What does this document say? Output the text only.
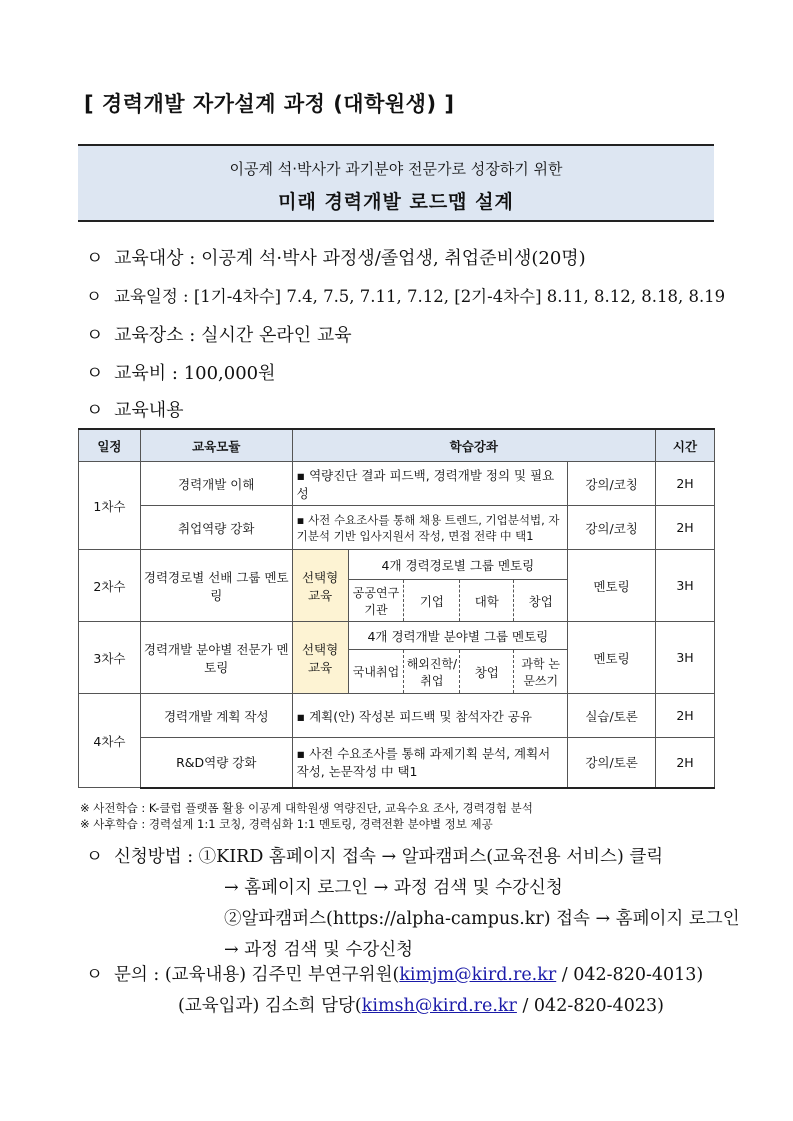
[ 경력개발 자가설계 과정 (대학원생) ]
이공계 석·박사가 과기분야 전문가로 성장하기 위한
미래 경력개발 로드맵 설계
ㅇ 교육대상 : 이공계 석·박사 과정생/졸업생, 취업준비생(20명)
ㅇ 교육일정 : [1기-4차수] 7.4, 7.5, 7.11, 7.12, [2기-4차수] 8.11, 8.12, 8.18, 8.19
ㅇ 교육장소 : 실시간 온라인 교육
ㅇ 교육비 : 100,000원
ㅇ 교육내용
일정	교육모듈	학습강좌						시간
1차수	경력개발 이해	▪ 역량진단 결과 피드백, 경력개발 정의 및 필요성					강의/코칭	2H
	취업역량 강화	▪ 사전 수요조사를 통해 채용 트렌드, 기업분석법, 자기분석 기반 입사지원서 작성, 면접 전략 中 택1					강의/코칭	2H
2차수	경력경로별 선배 그룹 멘토링	선택형 교육	4개 경력경로별 그룹 멘토링				멘토링	3H
			공공연구기관	기업	대학	창업		
3차수	경력개발 분야별 전문가 멘토링	선택형 교육	4개 경력개발 분야별 그룹 멘토링				멘토링	3H
			국내취업	해외진학/취업	창업	과학 논문쓰기		
4차수	경력개발 계획 작성	▪ 계획(안) 작성본 피드백 및 참석자간 공유					실습/토론	2H
	R&D역량 강화	▪ 사전 수요조사를 통해 과제기획 분석, 계획서 작성, 논문작성 中 택1					강의/토론	2H
※ 사전학습 : K-클럽 플랫폼 활용 이공계 대학원생 역량진단, 교육수요 조사, 경력경험 분석
※ 사후학습 : 경력설계 1:1 코칭, 경력심화 1:1 멘토링, 경력전환 분야별 정보 제공
ㅇ 신청방법 : ①KIRD 홈페이지 접속 → 알파캠퍼스(교육전용 서비스) 클릭
→ 홈페이지 로그인 → 과정 검색 및 수강신청
②알파캠퍼스(https://alpha-campus.kr) 접속 → 홈페이지 로그인
→ 과정 검색 및 수강신청
ㅇ 문의 : (교육내용) 김주민 부연구위원(kimjm@kird.re.kr / 042-820-4013)
(교육입과) 김소희 담당(kimsh@kird.re.kr / 042-820-4023)
